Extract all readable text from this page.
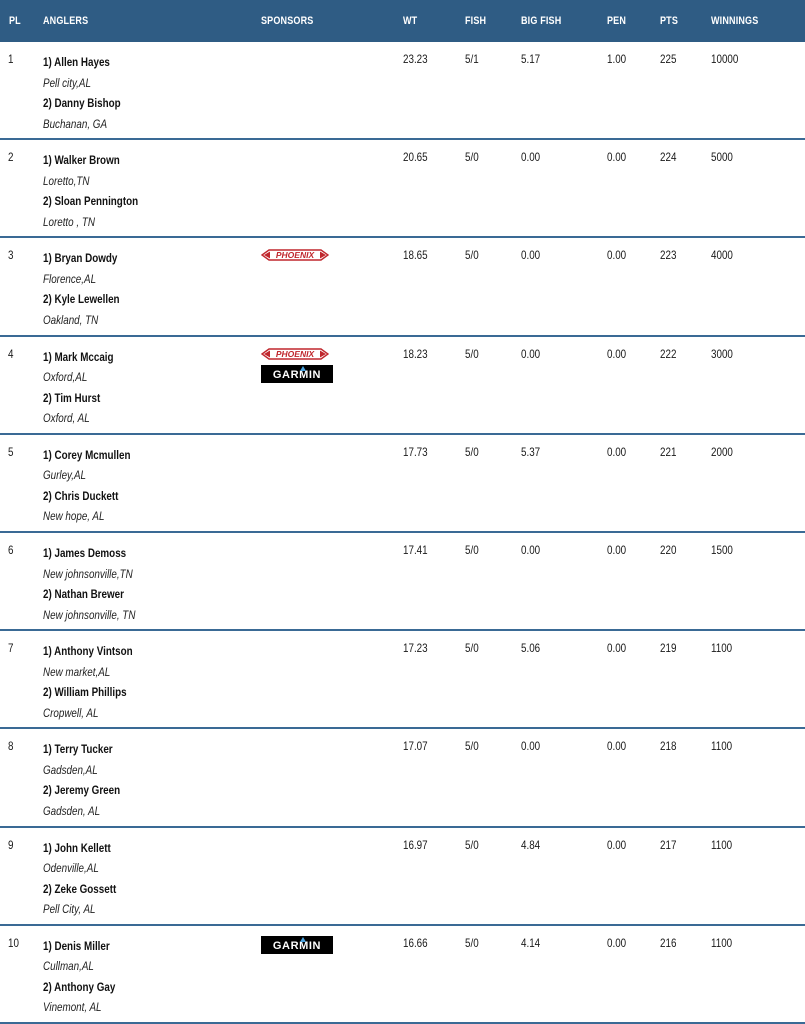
PL ANGLERS	SPONSORS	WT	FISH	BIG FISH	PEN	PTS	WINNINGS
1 1) Allen Hayes
Pell city,AL
2) Danny Bishop
Buchanan, GA
23.23	5/1	5.17	1.00	225	10000
2 1) Walker Brown
Loretto,TN
2) Sloan Pennington
Loretto , TN
20.65	5/0	0.00	0.00	224	5000
3 1) Bryan Dowdy
Florence,AL
2) Kyle Lewellen
Oakland, TN
PHOENIX	18.65	5/0	0.00	0.00	223	4000
4 1) Mark Mccaig
Oxford,AL
2) Tim Hurst
Oxford, AL
PHOENIX
GARMIN
18.23	5/0	0.00	0.00	222	3000
5 1) Corey Mcmullen
Gurley,AL
2) Chris Duckett
New hope, AL
17.73	5/0	5.37	0.00	221	2000
6 1) James Demoss
New johnsonville,TN
2) Nathan Brewer
New johnsonville, TN
17.41	5/0	0.00	0.00	220	1500
7 1) Anthony Vintson
New market,AL
2) William Phillips
Cropwell, AL
17.23	5/0	5.06	0.00	219	1100
8 1) Terry Tucker
Gadsden,AL
2) Jeremy Green
Gadsden, AL
17.07	5/0	0.00	0.00	218	1100
9 1) John Kellett
Odenville,AL
2) Zeke Gossett
Pell City, AL
16.97	5/0	4.84	0.00	217	1100
10 1) Denis Miller
Cullman,AL
2) Anthony Gay
Vinemont, AL
GARMIN	16.66	5/0	4.14	0.00	216	1100
